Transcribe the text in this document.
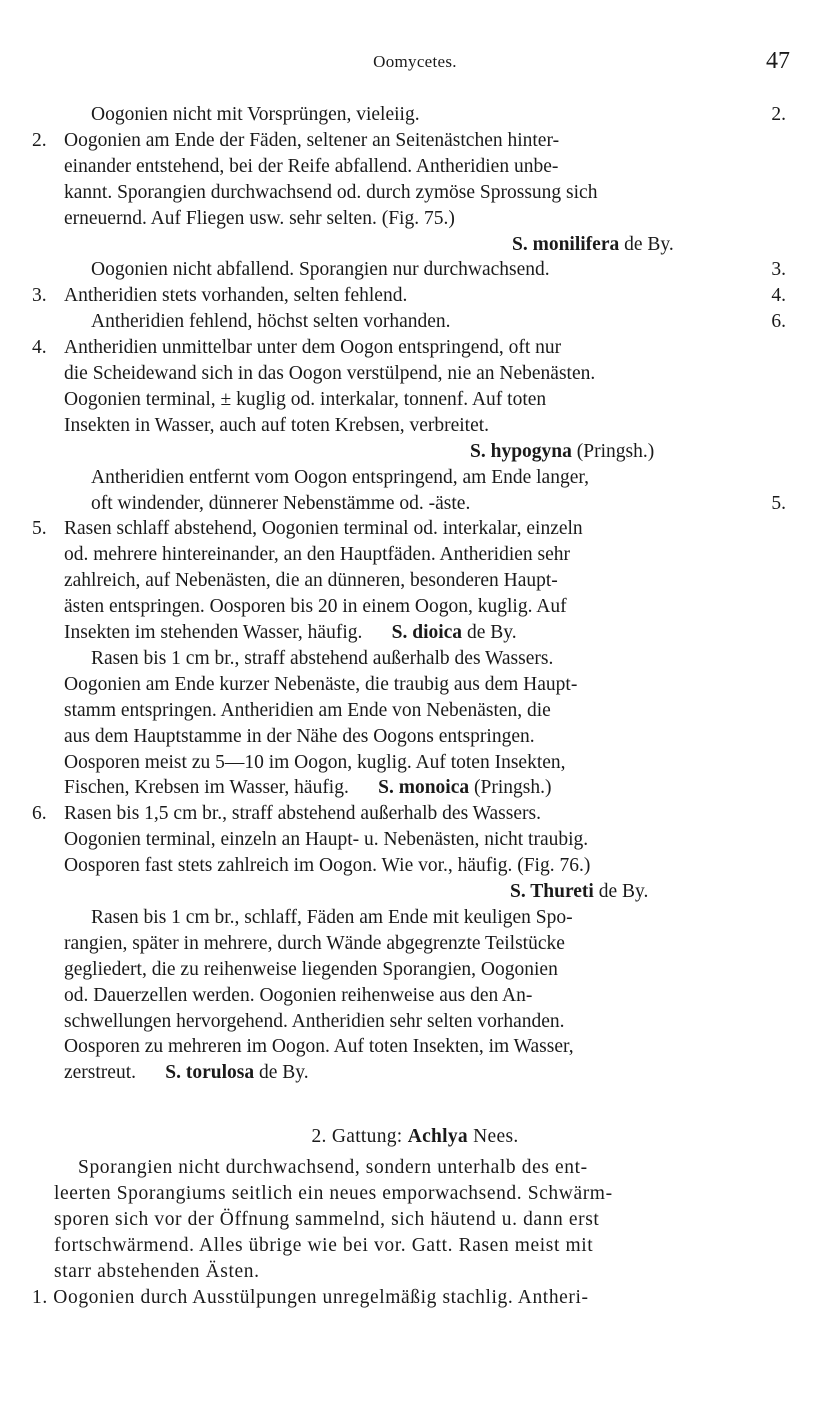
Oomycetes.	47
Oogonien nicht mit Vorsprüngen, vieleiig.	2.
2. Oogonien am Ende der Fäden, seltener an Seitenästchen hinter-
einander entstehend, bei der Reife abfallend. Antheridien unbe-
kannt. Sporangien durchwachsend od. durch zymöse Sprossung sich
erneuernd. Auf Fliegen usw. sehr selten. (Fig. 75.)
S. monilifera de By.
Oogonien nicht abfallend. Sporangien nur durchwachsend.	3.
3. Antheridien stets vorhanden, selten fehlend.	4.
Antheridien fehlend, höchst selten vorhanden.	6.
4. Antheridien unmittelbar unter dem Oogon entspringend, oft nur
die Scheidewand sich in das Oogon verstülpend, nie an Nebenästen.
Oogonien terminal, ± kuglig od. interkalar, tonnenf. Auf toten
Insekten in Wasser, auch auf toten Krebsen, verbreitet.
S. hypogyna (Pringsh.)
Antheridien entfernt vom Oogon entspringend, am Ende langer,
oft windender, dünnerer Nebenstämme od. -äste.	5.
5. Rasen schlaff abstehend, Oogonien terminal od. interkalar, einzeln
od. mehrere hintereinander, an den Hauptfäden. Antheridien sehr
zahlreich, auf Nebenästen, die an dünneren, besonderen Haupt-
ästen entspringen. Oosporen bis 20 in einem Oogon, kuglig. Auf
Insekten im stehenden Wasser, häufig.   S. dioica de By.
Rasen bis 1 cm br., straff abstehend außerhalb des Wassers.
Oogonien am Ende kurzer Nebenäste, die traubig aus dem Haupt-
stamm entspringen. Antheridien am Ende von Nebenästen, die
aus dem Hauptstamme in der Nähe des Oogons entspringen.
Oosporen meist zu 5—10 im Oogon, kuglig. Auf toten Insekten,
Fischen, Krebsen im Wasser, häufig.   S. monoica (Pringsh.)
6. Rasen bis 1,5 cm br., straff abstehend außerhalb des Wassers.
Oogonien terminal, einzeln an Haupt- u. Nebenästen, nicht traubig.
Oosporen fast stets zahlreich im Oogon. Wie vor., häufig. (Fig. 76.)
S. Thureti de By.
Rasen bis 1 cm br., schlaff, Fäden am Ende mit keuligen Spo-
rangien, später in mehrere, durch Wände abgegrenzte Teilstücke
gegliedert, die zu reihenweise liegenden Sporangien, Oogonien
od. Dauerzellen werden. Oogonien reihenweise aus den An-
schwellungen hervorgehend. Antheridien sehr selten vorhanden.
Oosporen zu mehreren im Oogon. Auf toten Insekten, im Wasser,
zerstreut.   S. torulosa de By.
2. Gattung: Achlya Nees.
Sporangien nicht durchwachsend, sondern unterhalb des ent-
leerten Sporangiums seitlich ein neues emporwachsend. Schwärm-
sporen sich vor der Öffnung sammelnd, sich häutend u. dann erst
fortschwärmend. Alles übrige wie bei vor. Gatt. Rasen meist mit
starr abstehenden Ästen.
1. Oogonien durch Ausstülpungen unregelmäßig stachlig. Antheri-
